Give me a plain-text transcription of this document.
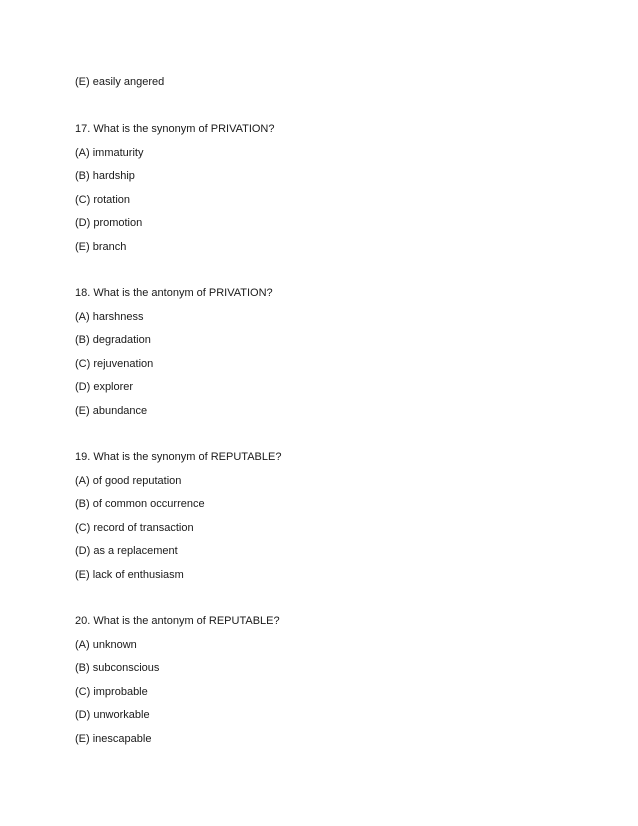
(E) easily angered
17. What is the synonym of PRIVATION?
(A) immaturity
(B) hardship
(C) rotation
(D) promotion
(E) branch
18. What is the antonym of PRIVATION?
(A) harshness
(B) degradation
(C) rejuvenation
(D) explorer
(E) abundance
19. What is the synonym of REPUTABLE?
(A) of good reputation
(B) of common occurrence
(C) record of transaction
(D) as a replacement
(E) lack of enthusiasm
20. What is the antonym of REPUTABLE?
(A) unknown
(B) subconscious
(C) improbable
(D) unworkable
(E) inescapable
